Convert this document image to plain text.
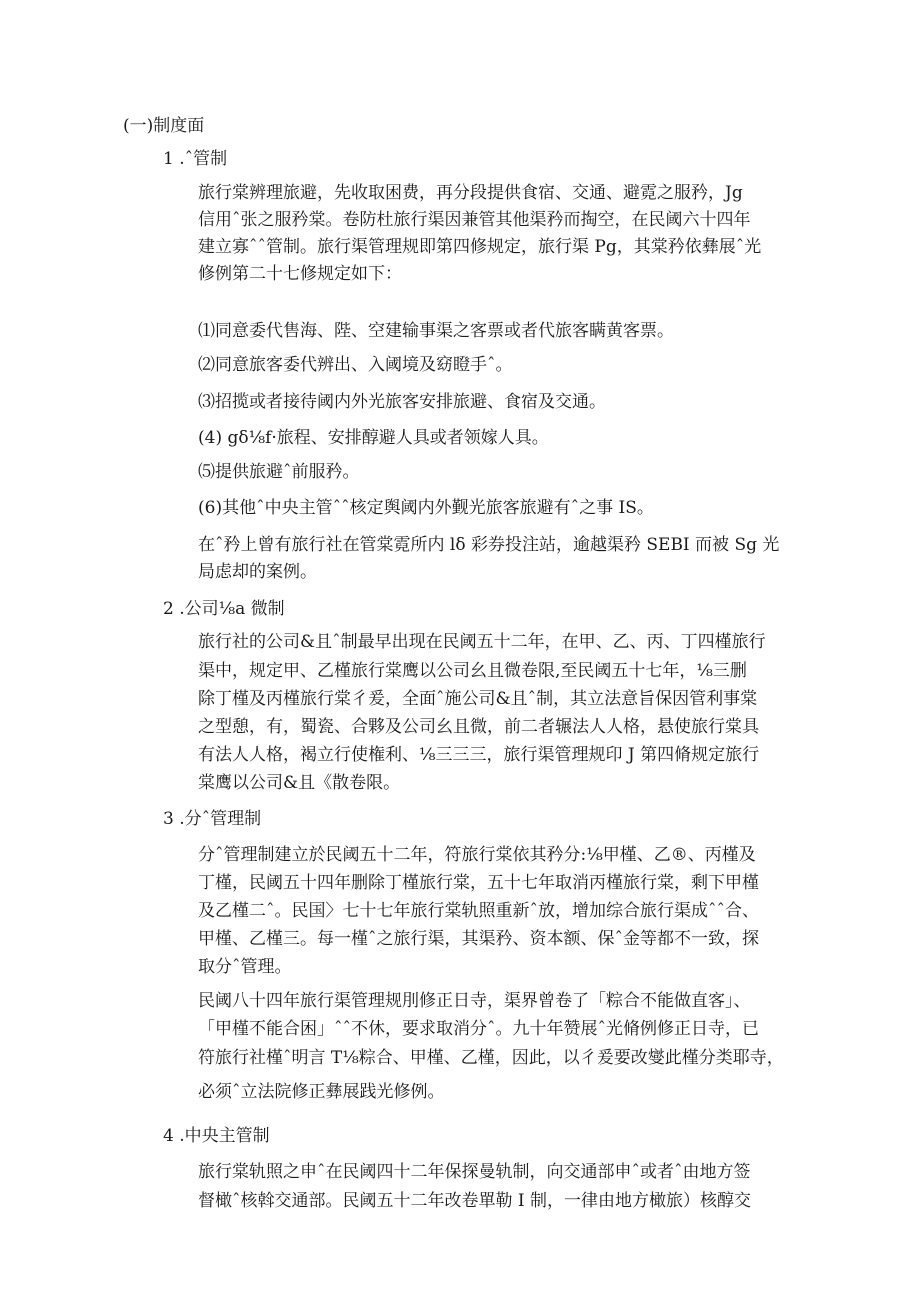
(一)制度面
1 .ˆ管制
旅行棠辨理旅避，先收取困费，再分段提供食宿、交通、避霓之服矜，Jg
信用ˆ张之服矜棠。卷防杜旅行渠因兼管其他渠矜而掏空，在民阈六十四年
建立寡ˆˆ管制。旅行渠管理规即第四修规定，旅行渠 Pg，其棠矜依彝展ˆ光
修例第二十七修规定如下：
⑴同意委代售海、陛、空建输事渠之客票或者代旅客瞒黄客票。
⑵同意旅客委代辨出、入阈境及窈瞪手ˆ。
⑶招揽或者接待阈内外光旅客安排旅避、食宿及交通。
(4) gδ⅛f·旅程、安排醇避人具或者领嫁人具。
⑸提供旅避ˆ前服矜。
(6)其他ˆ中央主管ˆˆ核定舆阈内外觐光旅客旅避有ˆ之事 IS。
在ˆ矜上曾有旅行社在管棠霓所内 lδ 彩券投注站，逾越渠矜 SEBI 而被 Sg 光
局虑却的案例。
2 .公司⅛a 微制
旅行社的公司&且ˆ制最早出现在民阈五十二年，在甲、乙、丙、丁四槿旅行
渠中，规定甲、乙槿旅行棠鹰以公司幺且微卷限,至民阈五十七年，⅛三删
除丁槿及丙槿旅行棠彳爰，全面ˆ施公司&且ˆ制，其立法意旨保因管利事棠
之型憩，有，蜀瓷、合夥及公司幺且微，前二者辗法人人格，悬使旅行棠具
有法人人格，褐立行使権利、⅛三三三，旅行渠管理规印 J 第四脩规定旅行
棠鹰以公司&且《散卷限。
3 .分ˆ管理制
分ˆ管理制建立於民阈五十二年，符旅行棠依其矜分:⅛甲槿、乙®、丙槿及
丁槿，民阈五十四年删除丁槿旅行棠，五十七年取消丙槿旅行棠，剩下甲槿
及乙槿二ˆ。民国〉七十七年旅行棠轨照重新ˆ放，增加综合旅行渠成ˆˆ合、
甲槿、乙槿三。每一槿ˆ之旅行渠，其渠矜、资本额、保ˆ金等都不一致，探
取分ˆ管理。
民阈八十四年旅行渠管理规刖修正日寺，渠界曾卷了「粽合不能做直客」、
「甲槿不能合困」ˆˆ不休，要求取消分ˆ。九十年赞展ˆ光脩例修正日寺，已
符旅行社槿ˆ明言 T⅛粽合、甲槿、乙槿，因此，以彳爰要改燮此槿分类耶寺，
必须ˆ立法院修正彝展践光修例。
4 .中央主管制
旅行棠轨照之申ˆ在民阈四十二年保探曼轨制，向交通部申ˆ或者ˆ由地方签
督橄ˆ核斡交通部。民阈五十二年改卷單勒 I 制，一律由地方橄旅）核醇交
